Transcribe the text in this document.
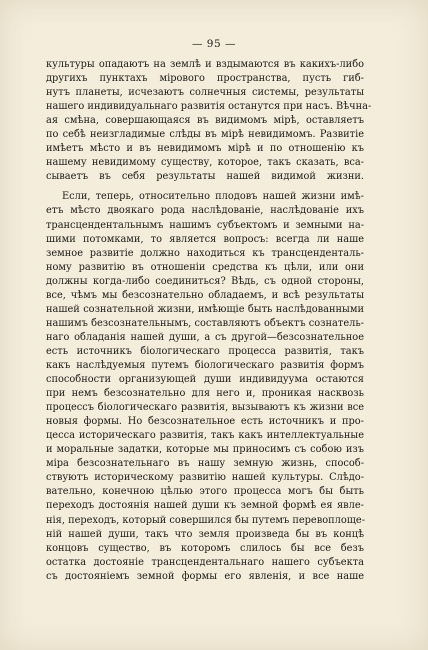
— 95 —
культуры опадаютъ на землѣ и вздымаются въ какихъ-либо
другихъ пунктахъ мірового пространства, пусть гиб-
нутъ планеты, исчезаютъ солнечныя системы, результаты
нашего индивидуальнаго развитія останутся при насъ. Вѣчна-
ая смѣна, совершающаяся въ видимомъ мірѣ, оставляетъ
по себѣ неизгладимые слѣды въ мірѣ невидимомъ. Развитіе
имѣетъ мѣсто и въ невидимомъ мірѣ и по отношенію къ
нашему невидимому существу, которое, такъ сказать, вса-
сываетъ въ себя результаты нашей видимой жизни.
Если, теперь, относительно плодовъ нашей жизни имѣ-
етъ мѣсто двоякаго рода наслѣдованіе, наслѣдованіе ихъ
трансцендентальнымъ нашимъ субъектомъ и земными на-
шими потомками, то является вопросъ: всегда ли наше
земное развитіе должно находиться къ трансценденталь-
ному развитію въ отношеніи средства къ цѣли, или они
должны когда-либо соединиться? Вѣдь, съ одной стороны,
все, чѣмъ мы безсознательно обладаемъ, и всѣ результаты
нашей сознательной жизни, имѣющіе быть наслѣдованными
нашимъ безсознательнымъ, составляютъ объектъ сознатель-
наго обладанія нашей души, а съ другой—безсознательное
есть источникъ біологическаго процесса развитія, такъ
какъ наслѣдуемыя путемъ біологическаго развитія формъ
способности организующей души индивидуума остаются
при немъ безсознательно для него и, проникая насквозь
процессъ біологическаго развитія, вызываютъ къ жизни все
новыя формы. Но безсознательное есть источникъ и про-
цесса историческаго развитія, такъ какъ интеллектуальные
и моральные задатки, которые мы приносимъ съ собою изъ
міра безсознательнаго въ нашу земную жизнь, способ-
ствуютъ историческому развитію нашей культуры. Слѣдо-
вательно, конечною цѣлью этого процесса могъ бы быть
переходъ достоянія нашей души къ земной формѣ ея явле-
нія, переходъ, который совершился бы путемъ перевоплоще-
ній нашей души, такъ что земля произведа бы въ концѣ
концовъ существо, въ которомъ слилось бы все безъ
остатка достояніе трансцендентальнаго нашего субъекта
съ достояніемъ земной формы его явленія, и все наше
